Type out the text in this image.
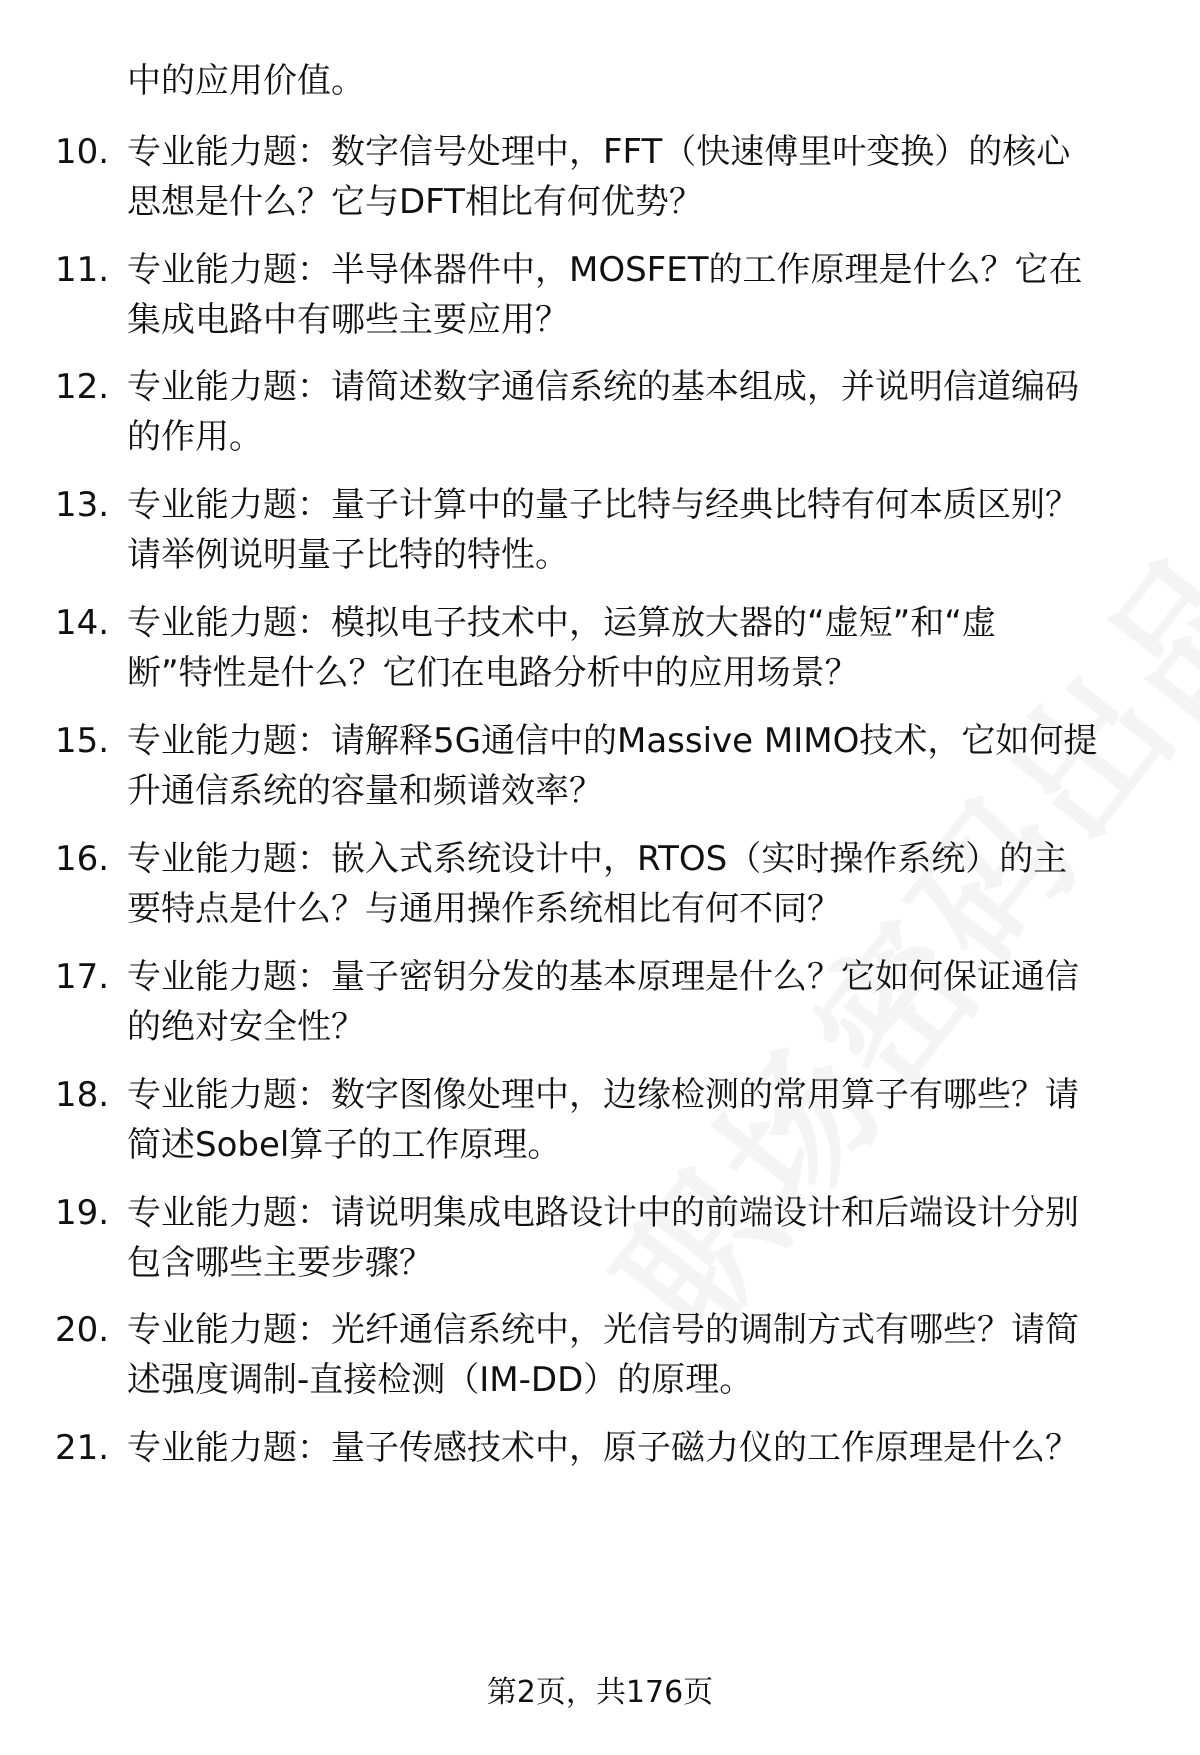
中的应用价值。
10. 专业能力题：数字信号处理中，FFT（快速傅里叶变换）的核心
思想是什么？它与DFT相比有何优势？
11. 专业能力题：半导体器件中，MOSFET的工作原理是什么？它在
集成电路中有哪些主要应用？
12. 专业能力题：请简述数字通信系统的基本组成，并说明信道编码
的作用。
13. 专业能力题：量子计算中的量子比特与经典比特有何本质区别？
请举例说明量子比特的特性。
14. 专业能力题：模拟电子技术中，运算放大器的“虚短”和“虚
断”特性是什么？它们在电路分析中的应用场景？
15. 专业能力题：请解释5G通信中的Massive MIMO技术，它如何提
升通信系统的容量和频谱效率？
16. 专业能力题：嵌入式系统设计中，RTOS（实时操作系统）的主
要特点是什么？与通用操作系统相比有何不同？
17. 专业能力题：量子密钥分发的基本原理是什么？它如何保证通信
的绝对安全性？
18. 专业能力题：数字图像处理中，边缘检测的常用算子有哪些？请
简述Sobel算子的工作原理。
19. 专业能力题：请说明集成电路设计中的前端设计和后端设计分别
包含哪些主要步骤？
20. 专业能力题：光纤通信系统中，光信号的调制方式有哪些？请简
述强度调制-直接检测（IM-DD）的原理。
21. 专业能力题：量子传感技术中，原子磁力仪的工作原理是什么？
第2页，共176页
